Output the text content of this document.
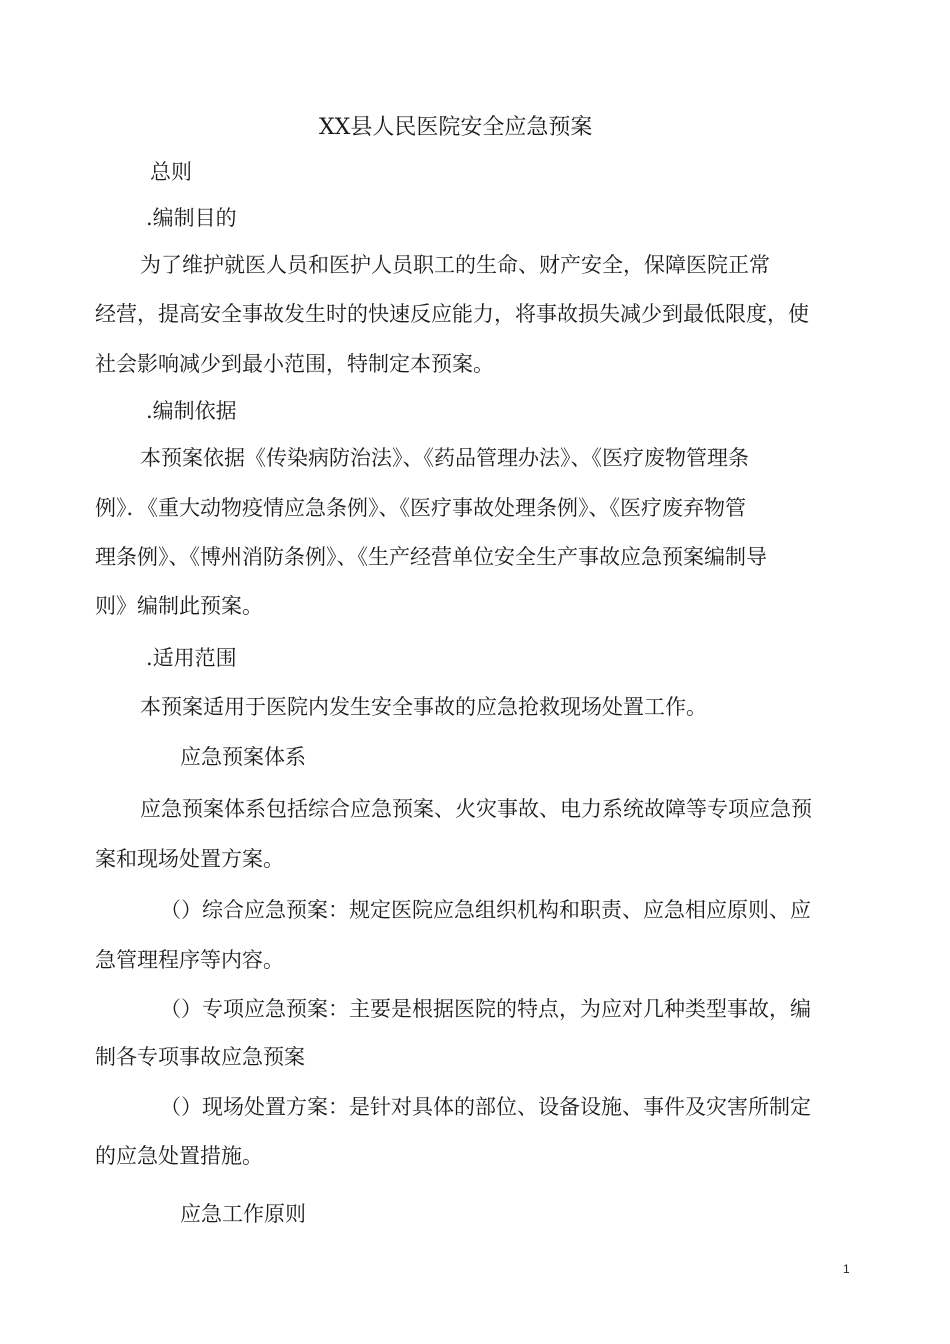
XX县人民医院安全应急预案
总则
.编制目的
为了维护就医人员和医护人员职工的生命、财产安全，保障医院正常
经营，提高安全事故发生时的快速反应能力，将事故损失减少到最低限度，使
社会影响减少到最小范围，特制定本预案。
.编制依据
本预案依据《传染病防治法》、《药品管理办法》、《医疗废物管理条
例》．《重大动物疫情应急条例》、《医疗事故处理条例》、《医疗废弃物管
理条例》、《博州消防条例》、《生产经营单位安全生产事故应急预案编制导
则》编制此预案。
.适用范围
本预案适用于医院内发生安全事故的应急抢救现场处置工作。
应急预案体系
应急预案体系包括综合应急预案、火灾事故、电力系统故障等专项应急预
案和现场处置方案。
（）综合应急预案：规定医院应急组织机构和职责、应急相应原则、应
急管理程序等内容。
（）专项应急预案：主要是根据医院的特点，为应对几种类型事故，编
制各专项事故应急预案
（）现场处置方案：是针对具体的部位、设备设施、事件及灾害所制定
的应急处置措施。
应急工作原则
1
